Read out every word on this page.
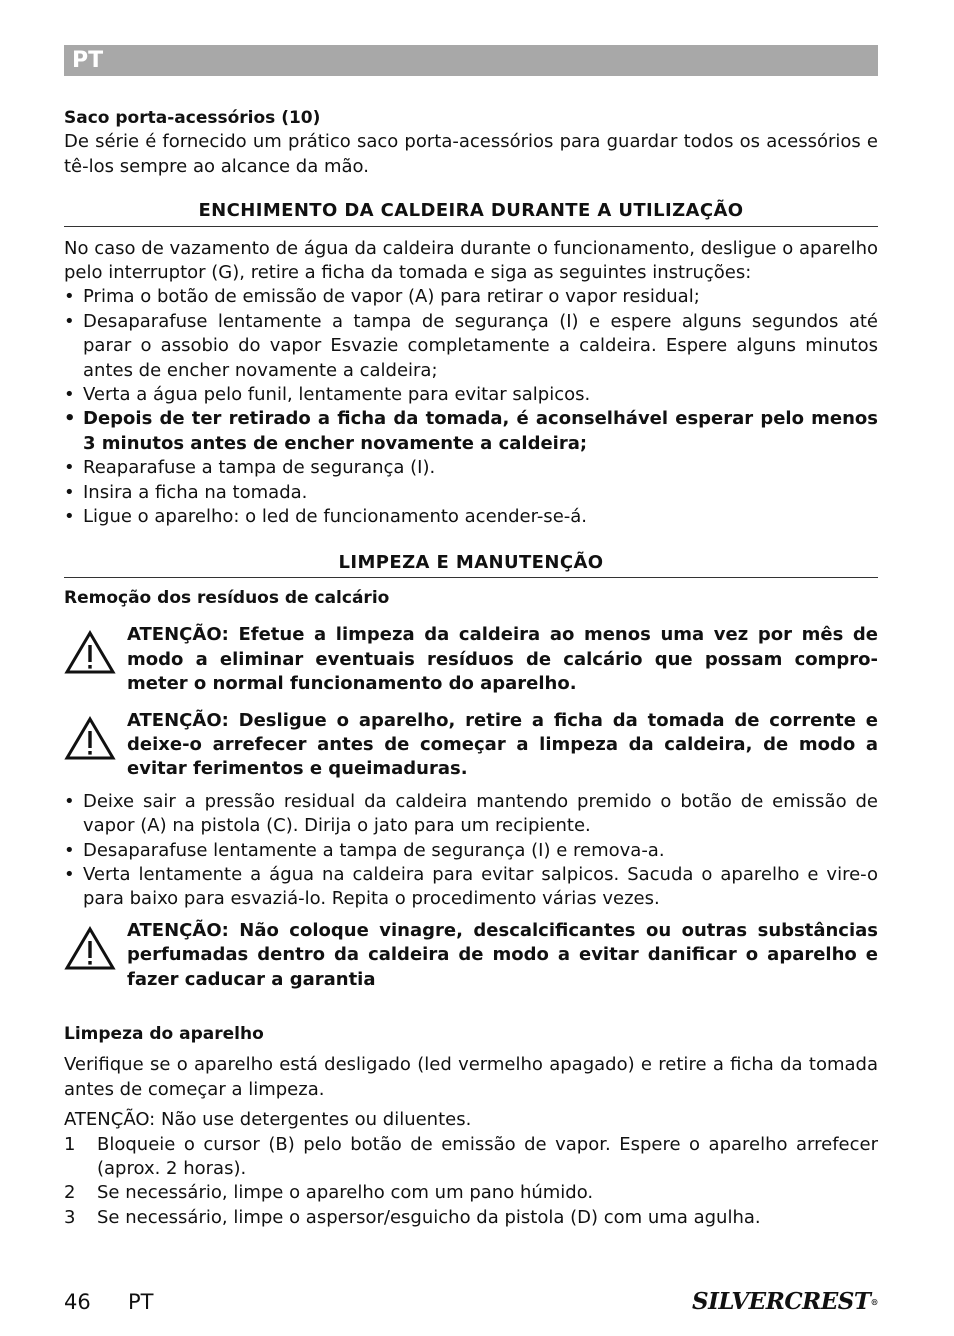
PT

Saco porta-acessórios (10)

De série é fornecido um prático saco porta-acessórios para guardar todos os acessórios e tê-los sempre ao alcance da mão.

ENCHIMENTO DA CALDEIRA DURANTE A UTILIZAÇÃO

No caso de vazamento de água da caldeira durante o funcionamento, desligue o aparelho pelo interruptor (G), retire a ficha da tomada e siga as seguintes instruções:

• Prima o botão de emissão de vapor (A) para retirar o vapor residual;
• Desaparafuse lentamente a tampa de segurança (I) e espere alguns segundos até parar o assobio do vapor Esvazie completamente a caldeira. Espere alguns minutos antes de encher novamente a caldeira;
• Verta a água pelo funil, lentamente para evitar salpicos.
• Depois de ter retirado a ficha da tomada, é aconselhável esperar pelo menos 3 minutos antes de encher novamente a caldeira;
• Reaparafuse a tampa de segurança (I).
• Insira a ficha na tomada.
• Ligue o aparelho: o led de funcionamento acender-se-á.

LIMPEZA E MANUTENÇÃO

Remoção dos resíduos de calcário

ATENÇÃO: Efetue a limpeza da caldeira ao menos uma vez por mês de modo a eliminar eventuais resíduos de calcário que possam compro-meter o normal funcionamento do aparelho.
ATENÇÃO: Desligue o aparelho, retire a ficha da tomada de corrente e deixe-o arrefecer antes de começar a limpeza da caldeira, de modo a evitar ferimentos e queimaduras.
• Deixe sair a pressão residual da caldeira mantendo premido o botão de emissão de vapor (A) na pistola (C). Dirija o jato para um recipiente.
• Desaparafuse lentamente a tampa de segurança (I) e remova-a.
• Verta lentamente a água na caldeira para evitar salpicos. Sacuda o aparelho e vire-o para baixo para esvaziá-lo. Repita o procedimento várias vezes.
ATENÇÃO: Não coloque vinagre, descalcificantes ou outras substâncias perfumadas dentro da caldeira de modo a evitar danificar o aparelho e fazer caducar a garantia

Limpeza do aparelho

Verifique se o aparelho está desligado (led vermelho apagado) e retire a ficha da tomada antes de começar a limpeza.

ATENÇÃO: Não use detergentes ou diluentes.

1 Bloqueie o cursor (B) pelo botão de emissão de vapor. Espere o aparelho arrefecer (aprox. 2 horas).
2 Se necessário, limpe o aparelho com um pano húmido.
3 Se necessário, limpe o aspersor/esguicho da pistola (D) com uma agulha.
46 PT	SILVERCREST®
